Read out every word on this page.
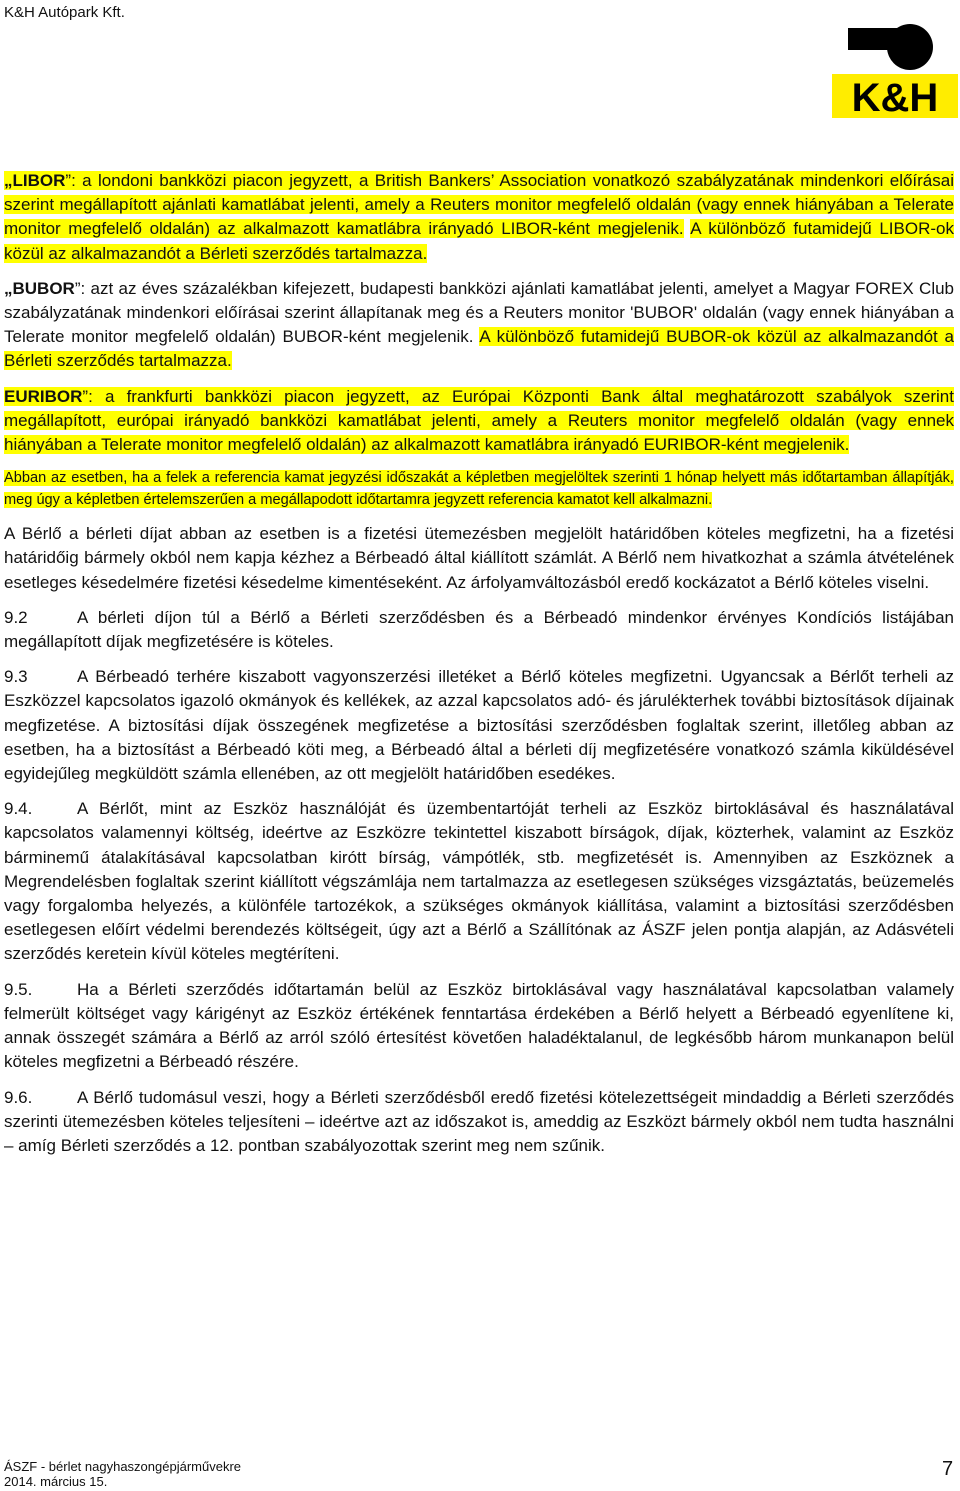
K&H Autópark Kft.
K&H

„LIBOR”: a londoni bankközi piacon jegyzett, a British Bankers’ Association vonatkozó szabályzatának mindenkori előírásai szerint megállapított ajánlati kamatlábat jelenti, amely a Reuters monitor megfelelő oldalán (vagy ennek hiányában a Telerate monitor megfelelő oldalán) az alkalmazott kamatlábra irányadó LIBOR-ként megjelenik. A különböző futamidejű LIBOR-ok közül az alkalmazandót a Bérleti szerződés tartalmazza.

„BUBOR”: azt az éves százalékban kifejezett, budapesti bankközi ajánlati kamatlábat jelenti, amelyet a Magyar FOREX Club szabályzatának mindenkori előírásai szerint állapítanak meg és a Reuters monitor 'BUBOR' oldalán (vagy ennek hiányában a Telerate monitor megfelelő oldalán) BUBOR-ként megjelenik. A különböző futamidejű BUBOR-ok közül az alkalmazandót a Bérleti szerződés tartalmazza.

EURIBOR”: a frankfurti bankközi piacon jegyzett, az Európai Központi Bank által meghatározott szabályok szerint megállapított, európai irányadó bankközi kamatlábat jelenti, amely a Reuters monitor megfelelő oldalán (vagy ennek hiányában a Telerate monitor megfelelő oldalán) az alkalmazott kamatlábra irányadó EURIBOR-ként megjelenik.

Abban az esetben, ha a felek a referencia kamat jegyzési időszakát a képletben megjelöltek szerinti 1 hónap helyett más időtartamban állapítják, meg úgy a képletben értelemszerűen a megállapodott időtartamra jegyzett referencia kamatot kell alkalmazni.

A Bérlő a bérleti díjat abban az esetben is a fizetési ütemezésben megjelölt határidőben köteles megfizetni, ha a fizetési határidőig bármely okból nem kapja kézhez a Bérbeadó által kiállított számlát. A Bérlő nem hivatkozhat a számla átvételének esetleges késedelmére fizetési késedelme kimentéseként. Az árfolyamváltozásból eredő kockázatot a Bérlő köteles viselni.

9.2	A bérleti díjon túl a Bérlő a Bérleti szerződésben és a Bérbeadó mindenkor érvényes Kondíciós listájában megállapított díjak megfizetésére is köteles.

9.3	A Bérbeadó terhére kiszabott vagyonszerzési illetéket a Bérlő köteles megfizetni. Ugyancsak a Bérlőt terheli az Eszközzel kapcsolatos igazoló okmányok és kellékek, az azzal kapcsolatos adó- és járulékterhek további biztosítások díjainak megfizetése. A biztosítási díjak összegének megfizetése a biztosítási szerződésben foglaltak szerint, illetőleg abban az esetben, ha a biztosítást a Bérbeadó köti meg, a Bérbeadó által a bérleti díj megfizetésére vonatkozó számla kiküldésével egyidejűleg megküldött számla ellenében, az ott megjelölt határidőben esedékes.

9.4.	A Bérlőt, mint az Eszköz használóját és üzembentartóját terheli az Eszköz birtoklásával és használatával kapcsolatos valamennyi költség, ideértve az Eszközre tekintettel kiszabott bírságok, díjak, közterhek, valamint az Eszköz bárminemű átalakításával kapcsolatban kirótt bírság, vámpótlék, stb. megfizetését is. Amennyiben az Eszköznek a Megrendelésben foglaltak szerint kiállított végszámlája nem tartalmazza az esetlegesen szükséges vizsgáztatás, beüzemelés vagy forgalomba helyezés, a különféle tartozékok, a szükséges okmányok kiállítása, valamint a biztosítási szerződésben esetlegesen előírt védelmi berendezés költségeit, úgy azt a Bérlő a Szállítónak az ÁSZF jelen pontja alapján, az Adásvételi szerződés keretein kívül köteles megtéríteni.

9.5.	Ha a Bérleti szerződés időtartamán belül az Eszköz birtoklásával vagy használatával kapcsolatban valamely felmerült költséget vagy kárigényt az Eszköz értékének fenntartása érdekében a Bérlő helyett a Bérbeadó egyenlítene ki, annak összegét számára a Bérlő az arról szóló értesítést követően haladéktalanul, de legkésőbb három munkanapon belül köteles megfizetni a Bérbeadó részére.

9.6.	A Bérlő tudomásul veszi, hogy a Bérleti szerződésből eredő fizetési kötelezettségeit mindaddig a Bérleti szerződés szerinti ütemezésben köteles teljesíteni – ideértve azt az időszakot is, ameddig az Eszközt bármely okból nem tudta használni – amíg Bérleti szerződés a 12. pontban szabályozottak szerint meg nem szűnik.

ÁSZF - bérlet nagyhaszongépjárművekre
2014. március 15.
7
